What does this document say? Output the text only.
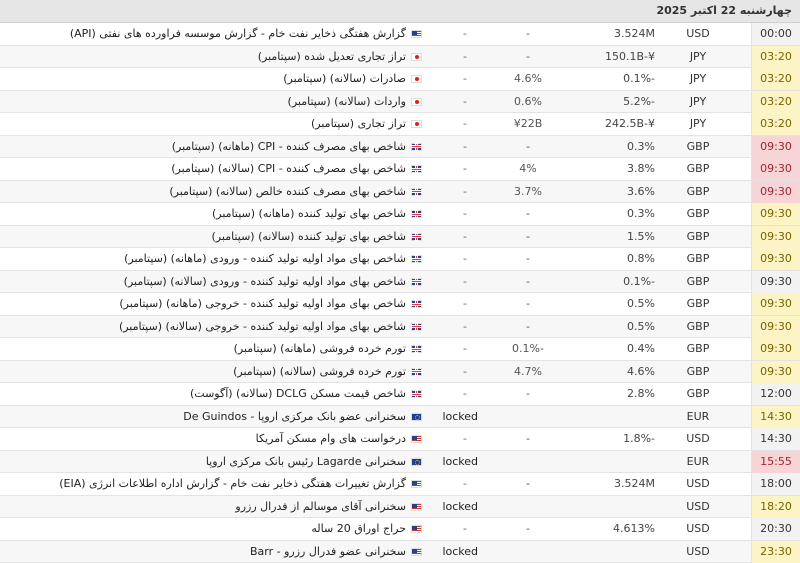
چهارشنبه 22 اکتبر 2025
00:00
USD
3.524M
-
-
گزارش هفتگی ذخایر نفت خام - گزارش موسسه فراورده های نفتی (API)
03:20
JPY
150.1B-¥
-
-
تراز تجاری تعدیل شده (سپتامبر)
03:20
JPY
0.1%-
4.6%
-
صادرات (سالانه) (سپتامبر)
03:20
JPY
5.2%-
0.6%
-
واردات (سالانه) (سپتامبر)
03:20
JPY
242.5B-¥
¥22B
-
تراز تجاری (سپتامبر)
09:30
GBP
0.3%
-
-
شاخص بهای مصرف کننده - CPI (ماهانه) (سپتامبر)
09:30
GBP
3.8%
4%
-
شاخص بهای مصرف کننده - CPI (سالانه) (سپتامبر)
09:30
GBP
3.6%
3.7%
-
شاخص بهای مصرف کننده خالص (سالانه) (سپتامبر)
09:30
GBP
0.3%
-
-
شاخص بهای تولید کننده (ماهانه) (سپتامبر)
09:30
GBP
1.5%
-
-
شاخص بهای تولید کننده (سالانه) (سپتامبر)
09:30
GBP
0.8%
-
-
شاخص بهای مواد اولیه تولید کننده - ورودی (ماهانه) (سپتامبر)
09:30
GBP
0.1%-
-
-
شاخص بهای مواد اولیه تولید کننده - ورودی (سالانه) (سپتامبر)
09:30
GBP
0.5%
-
-
شاخص بهای مواد اولیه تولید کننده - خروجی (ماهانه) (سپتامبر)
09:30
GBP
0.5%
-
-
شاخص بهای مواد اولیه تولید کننده - خروجی (سالانه) (سپتامبر)
09:30
GBP
0.4%
0.1%-
-
تورم خرده فروشی (ماهانه) (سپتامبر)
09:30
GBP
4.6%
4.7%
-
تورم خرده فروشی (سالانه) (سپتامبر)
12:00
GBP
2.8%
-
-
شاخص قیمت مسکن DCLG (سالانه) (آگوست)
14:30
EUR
locked
سخنرانی عضو بانک مرکزی اروپا - De Guindos
14:30
USD
1.8%-
-
-
درخواست های وام مسکن آمریکا
15:55
EUR
locked
سخنرانی Lagarde رئیس بانک مرکزی اروپا
18:00
USD
3.524M
-
-
گزارش تغییرات هفتگی ذخایر نفت خام - گزارش اداره اطلاعات انرژی (EIA)
18:20
USD
locked
سخنرانی آقای موسالم از فدرال رزرو
20:30
USD
4.613%
-
-
حراج اوراق 20 ساله
23:30
USD
locked
سخنرانی عضو فدرال رزرو - Barr
